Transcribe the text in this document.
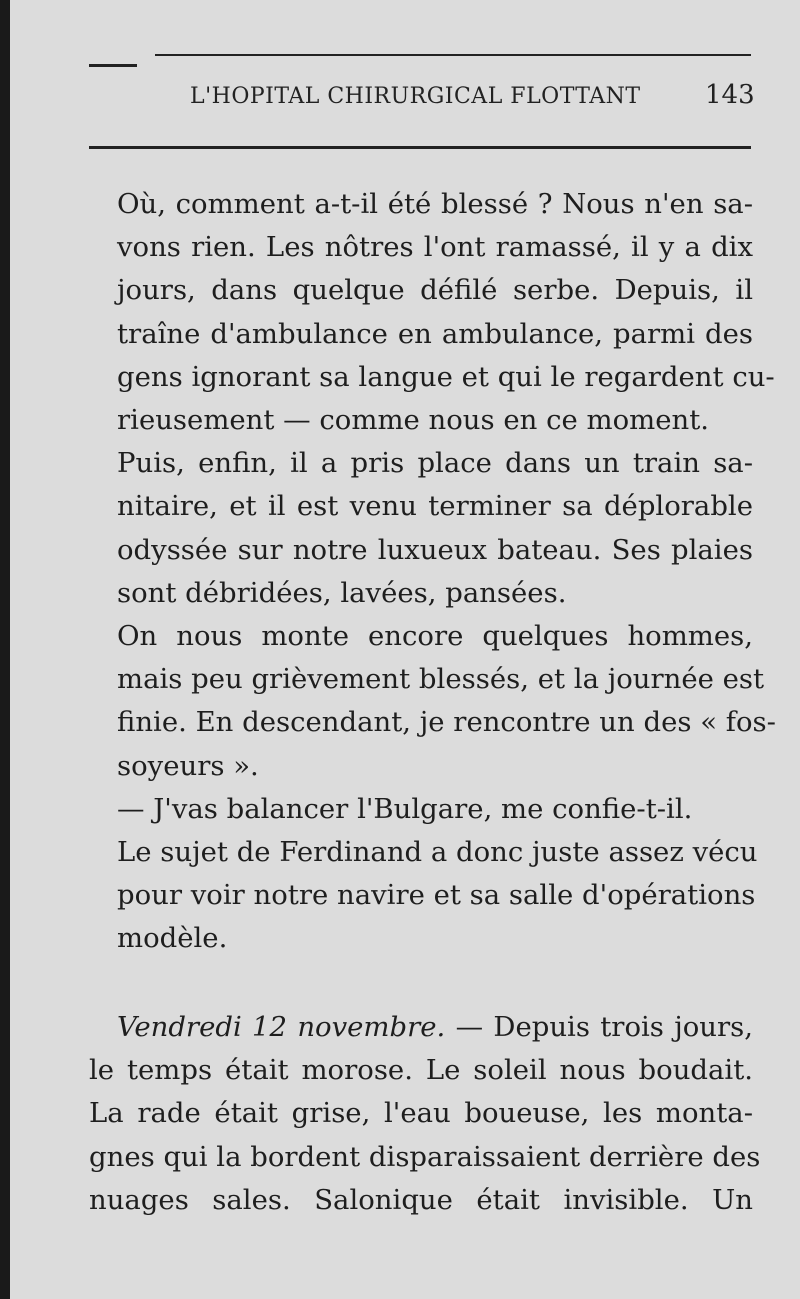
L'HOPITAL CHIRURGICAL FLOTTANT 143

Où, comment a-t-il été blessé ? Nous n'en sa-
vons rien. Les nôtres l'ont ramassé, il y a dix
jours, dans quelque défilé serbe. Depuis, il
traîne d'ambulance en ambulance, parmi des
gens ignorant sa langue et qui le regardent cu-
rieusement — comme nous en ce moment.

Puis, enfin, il a pris place dans un train sa-
nitaire, et il est venu terminer sa déplorable
odyssée sur notre luxueux bateau. Ses plaies
sont débridées, lavées, pansées.

On nous monte encore quelques hommes,
mais peu grièvement blessés, et la journée est
finie. En descendant, je rencontre un des « fos-
soyeurs ».

— J'vas balancer l'Bulgare, me confie-t-il.

Le sujet de Ferdinand a donc juste assez vécu
pour voir notre navire et sa salle d'opérations
modèle.

Vendredi 12 novembre. — Depuis trois jours,
le temps était morose. Le soleil nous boudait.
La rade était grise, l'eau boueuse, les monta-
gnes qui la bordent disparaissaient derrière des
nuages sales. Salonique était invisible. Un
